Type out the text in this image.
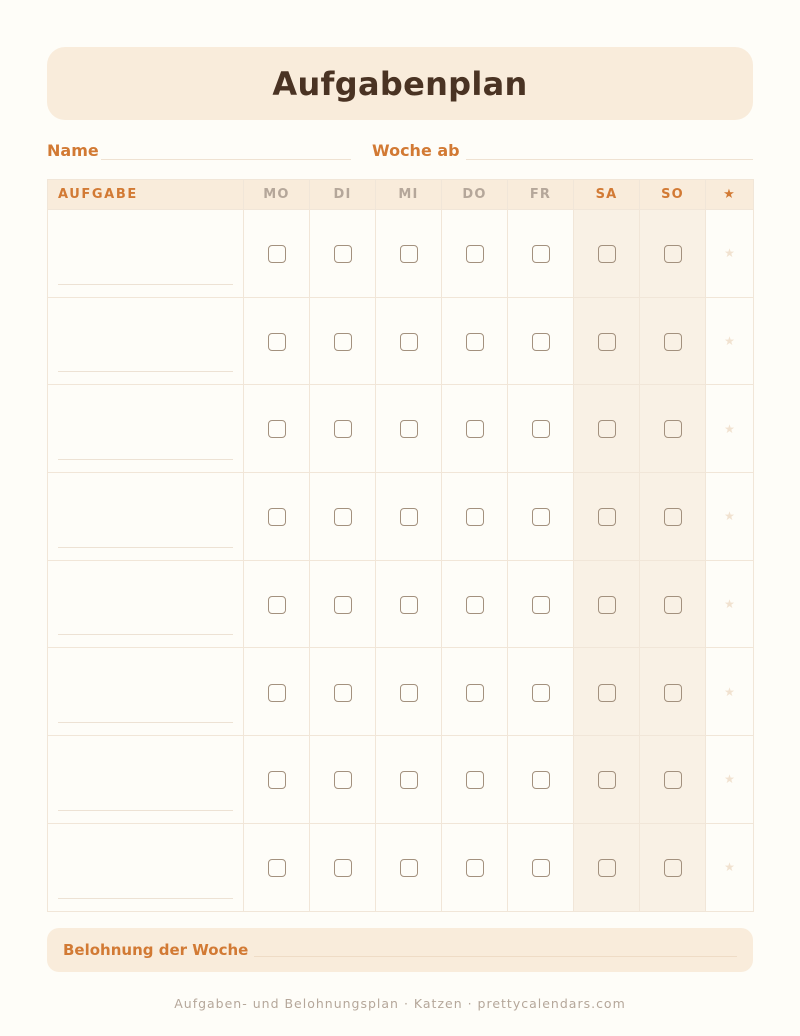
Aufgabenplan
Name	Woche ab
AUFGABE	MO	DI	MI	DO	FR	SA	SO	★

								★

								★

								★

								★

								★

								★

								★

								★
Belohnung der Woche
Aufgaben- und Belohnungsplan · Katzen · prettycalendars.com
